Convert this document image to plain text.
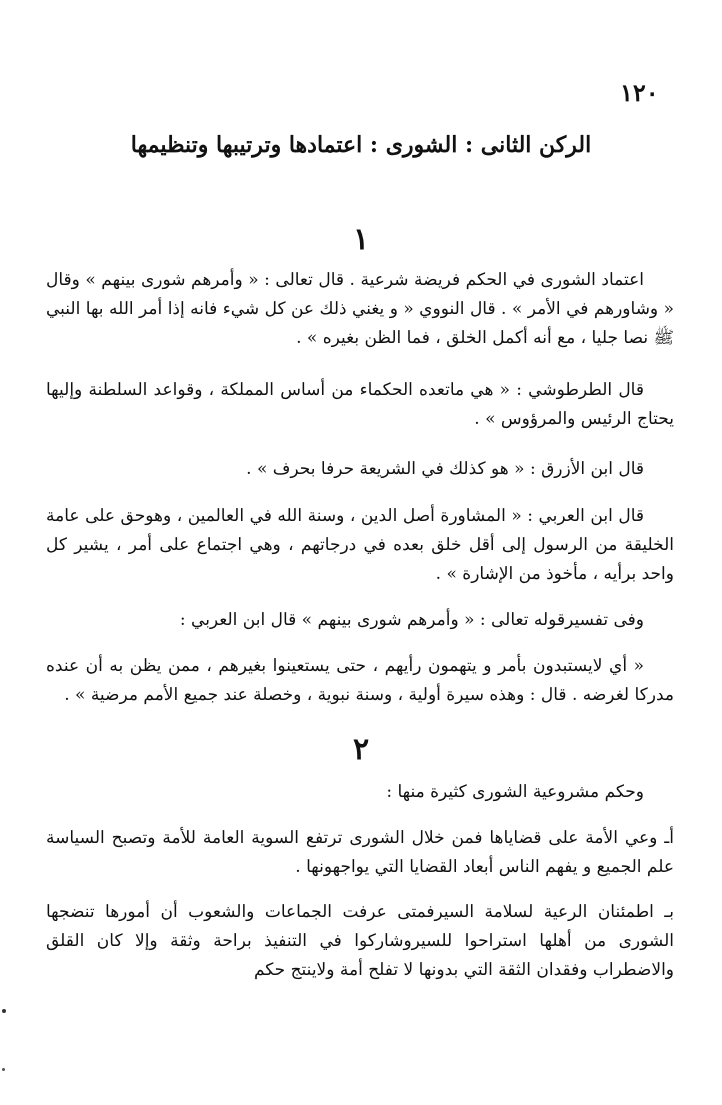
١٢٠
الركن الثانى : الشورى : اعتمادها وترتيبها وتنظيمها
١
اعتماد الشورى في الحكم فريضة شرعية . قال تعالى : « وأمرهم شورى بينهم » وقال « وشاورهم في الأمر » . قال النووي « و يغني ذلك عن كل شيء فانه إذا أمر الله بها النبي ﷺ نصا جليا ، مع أنه أكمل الخلق ، فما الظن بغيره » .
قال الطرطوشي : « هي ماتعده الحكماء من أساس المملكة ، وقواعد السلطنة وإليها يحتاج الرئيس والمرؤوس » .
قال ابن الأزرق : « هو كذلك في الشريعة حرفا بحرف » .
قال ابن العربي : « المشاورة أصل الدين ، وسنة الله في العالمين ، وهوحق على عامة الخليقة من الرسول إلى أقل خلق بعده في درجاتهم ، وهي اجتماع على أمر ، يشير كل واحد برأيه ، مأخوذ من الإشارة » .
وفى تفسيرقوله تعالى : « وأمرهم شورى بينهم » قال ابن العربي :
« أي لايستبدون بأمر و يتهمون رأيهم ، حتى يستعينوا بغيرهم ، ممن يظن به أن عنده مدركا لغرضه . قال : وهذه سيرة أولية ، وسنة نبوية ، وخصلة عند جميع الأمم مرضية » .
٢
وحكم مشروعية الشورى كثيرة منها :
أـ وعي الأمة على قضاياها فمن خلال الشورى ترتفع السوية العامة للأمة وتصبح السياسة علم الجميع و يفهم الناس أبعاد القضايا التي يواجهونها .
بـ اطمئنان الرعية لسلامة السيرفمتى عرفت الجماعات والشعوب أن أمورها تنضجها الشورى من أهلها استراحوا للسيروشاركوا في التنفيذ براحة وثقة وإلا كان القلق والاضطراب وفقدان الثقة التي بدونها لا تفلح أمة ولاينتج حكم
